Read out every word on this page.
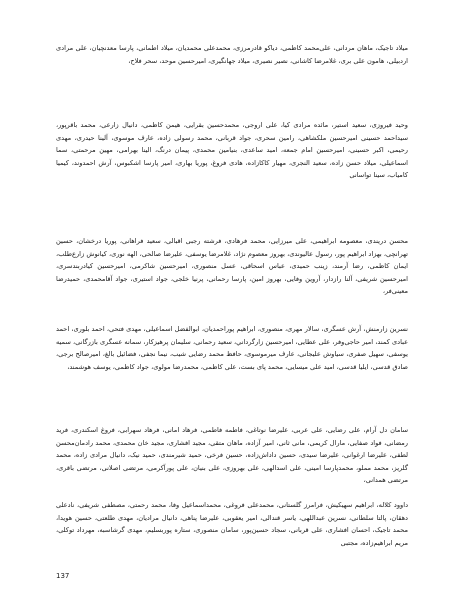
میلاد تاجیک، ماهان مردانی، علی‌محمد کاظمی، دیاکو قادرمرزی، محمدعلی محمدیان، میلاد اطمانی، پارسا معدنچیان، علی مرادی اردبیلی، هامون علی بری، غلامرضا کاشانی، نصیر نصیری، میلاد جهانگیری، امیرحسین موحد، سحر فلاح،

وحید فیروزی، سعید استیر، مائده مرادی کیا، علی اروجی، محمدحسین بقرایی، هیمن کاظمی، دانیال زارعی، محمد باقرپور، سیداحمد حسینی امیرحسین ملکشاهی، رامین سحری، جواد قربانی، محمد رسولی زاده، عارف موسوی، آلینا حیدری، مهدی رحیمی، اکبر حسینی، امیرحسین امام جمعه، امید ساعدی، بنیامین محمدی، پیمان درنگ، الینا بهرامی، مهین مرحمتی، سما اسماعیلی، میلاد حسن زاده، سعید النجری، مهیار کاکازاده، هادی فروغ، پوریا بهاری، امیر پارسا اشکبوس، آرش احمدوند، کیمیا کامیاب، سینا تواسانی

محسن دریندی، معصومه ابراهیمی، علی میرزایی، محمد فرهادی، فرشته رجبی اقبالی، سعید فراهانی، پوریا درخشان، حسین تهرانچی، بهزاد ابراهیم پور، رسول عالیوندی، بهروز معصوم نژاد، غلامرضا یوسفی، علیرضا صالحی، الهه نوری، کیانوش زارع‌طلب، ایمان کاظمی، رضا آرمند، زینب حمیدی، عباس اسحاقی، عسل منصوری، امیرحسین شاکرمی، امیرحسین کیادربندسری، امیرحسین شریفی، آلنا رازدار، آروین وفایی، بهروز امین، پارسا رحمانی، پرنیا خلجی، جواد استیری، جواد آقامحمدی، حمیدرضا معینی‌فر،

نسرین زارمنش، آرش عسگری، سالار مهری، منصوری، ابراهیم پوراحمدیان، ابوالفضل اسماعیلی، مهدی فتحی، احمد بلوری، احمد عبادی کمند، امیر حاجی‌وفر، علی عطایی، امیرحسین زارگرداني، سعید رحمانی، سلیمان پرهیزکار، سمانه عسگری بازرگانی، سمیه یوسفی، سهیل صفری، سیاوش علیجانی، عارف میرموسوی، حافظ محمد رضایی شیب، نیما نجفی، فضائیل بالغ، امیرصالح برجی، صادق قدسی، ایلیا قدسی، امید علی میسایی، محمد پای بست، علی کاظمی، محمدرضا مولوی، جواد کاظمی، یوسف هوشمند،

سامان دل آرام، علی رضایی، علی عربی، علیرضا نوتاغی، فاطمه فاطمی، فرهاد امانی، فرهاد سهرابی، فروغ اسکندری، فرید رمضانی، فواد صفایی، مارال کریمی، مانی ثانی، امیر آزاده، ماهان متقی، مجید افشاری، مجید خان محمدی، محمد رادمان‌محسن لطفی، علیرضا ارغوانی، علیرضا سیدی، حسین داداش‌زاده، حسین فرخی، حمید شیرمندی، حمید نیک، دانیال مرادی زاده، محمد گلریز، محمد مملو، محمدپارسا امینی، علی اسدالهی، علی بهروزی، علی بنیان، علی پورآکرمی، مرتضی اصلانی، مرتضی باقری، مرتضی همدانی،

داوود کلاله، ابراهیم سهیکیش، فرامرز گلستانی، محمدعلی فروغی، محمداسماعیل وفا، محمد رحمتی، مصطفی شریفی، نادعلی دهقان، پالتا سلطانی، نسرین عبداللهی، یاسر قندالی، امیر یعقوبی، علیرضا پناهی، دانیال مرادیان، مهدی طلعتی، حسین هویدا، محمد تاجیک، احسان افشاری، علی قربانی، سجاد حسین‌پور، سامان منصوری، ستاره پوربسلیم، مهدی گرشاسبه، مهرداد توکلی، مریم ابراهیم‌زاده، مجتبی

137
